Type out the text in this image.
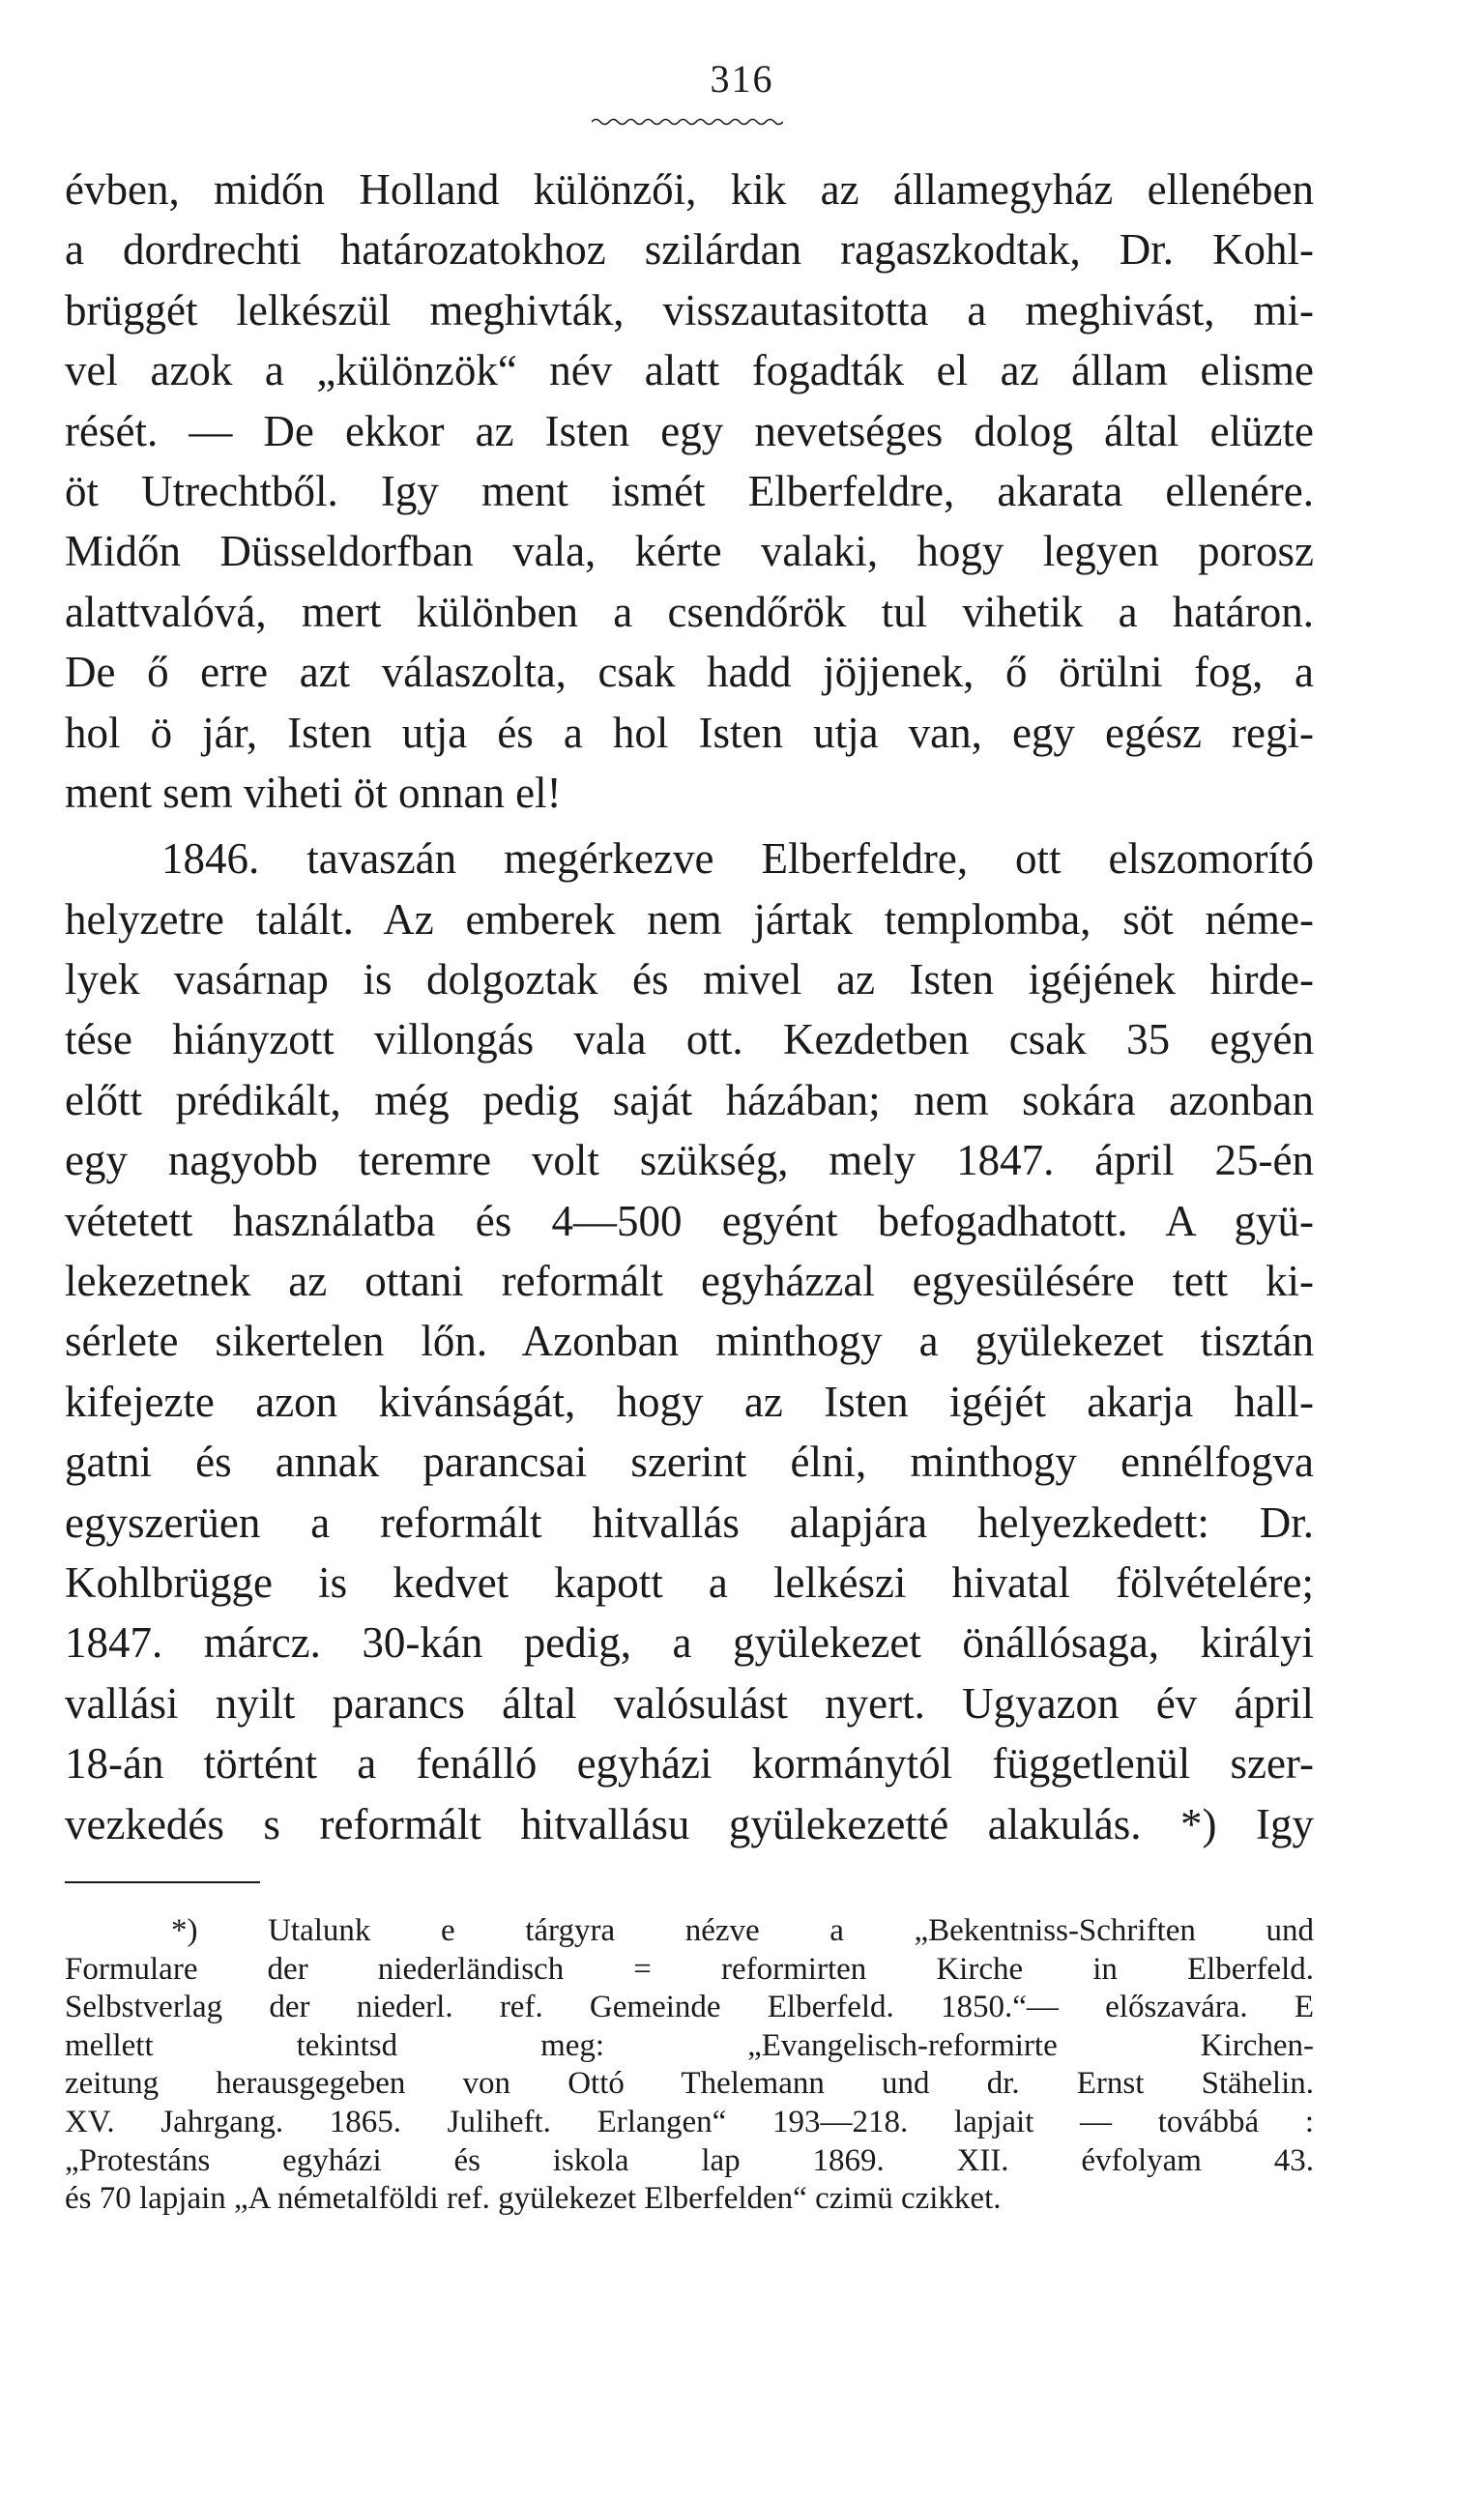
316
évben, midőn Holland különzői, kik az államegyház ellenében
a dordrechti határozatokhoz szilárdan ragaszkodtak, Dr. Kohl-
brüggét lelkészül meghivták, visszautasitotta a meghivást, mi-
vel azok a „különzök“ név alatt fogadták el az állam elisme
rését. — De ekkor az Isten egy nevetséges dolog által elüzte
öt Utrechtből. Igy ment ismét Elberfeldre, akarata ellenére.
Midőn Düsseldorfban vala, kérte valaki, hogy legyen porosz
alattvalóvá, mert különben a csendőrök tul vihetik a határon.
De ő erre azt válaszolta, csak hadd jöjjenek, ő örülni fog, a
hol ö jár, Isten utja és a hol Isten utja van, egy egész regi-
ment sem viheti öt onnan el!
1846. tavaszán megérkezve Elberfeldre, ott elszomorító
helyzetre talált. Az emberek nem jártak templomba, söt néme-
lyek vasárnap is dolgoztak és mivel az Isten igéjének hirde-
tése hiányzott villongás vala ott. Kezdetben csak 35 egyén
előtt prédikált, még pedig saját házában; nem sokára azonban
egy nagyobb teremre volt szükség, mely 1847. ápril 25-én
vétetett használatba és 4—500 egyént befogadhatott. A gyü-
lekezetnek az ottani reformált egyházzal egyesülésére tett ki-
sérlete sikertelen lőn. Azonban minthogy a gyülekezet tisztán
kifejezte azon kivánságát, hogy az Isten igéjét akarja hall-
gatni és annak parancsai szerint élni, minthogy ennélfogva
egyszerüen a reformált hitvallás alapjára helyezkedett: Dr.
Kohlbrügge is kedvet kapott a lelkészi hivatal fölvételére;
1847. márcz. 30-kán pedig, a gyülekezet önállósaga, királyi
vallási nyilt parancs által valósulást nyert. Ugyazon év ápril
18-án történt a fenálló egyházi kormánytól függetlenül szer-
vezkedés s reformált hitvallásu gyülekezetté alakulás. *) Igy
*) Utalunk e tárgyra nézve a „Bekentniss-Schriften und
Formulare der niederländisch = reformirten Kirche in Elberfeld.
Selbstverlag der niederl. ref. Gemeinde Elberfeld. 1850.“— előszavára. E
mellett tekintsd meg: „Evangelisch-reformirte Kirchen-
zeitung herausgegeben von Ottó Thelemann und dr. Ernst Stähelin.
XV. Jahrgang. 1865. Juliheft. Erlangen“ 193—218. lapjait — továbbá :
„Protestáns egyházi és iskola lap 1869. XII. évfolyam 43.
és 70 lapjain „A németalföldi ref. gyülekezet Elberfelden“ czimü czikket.
